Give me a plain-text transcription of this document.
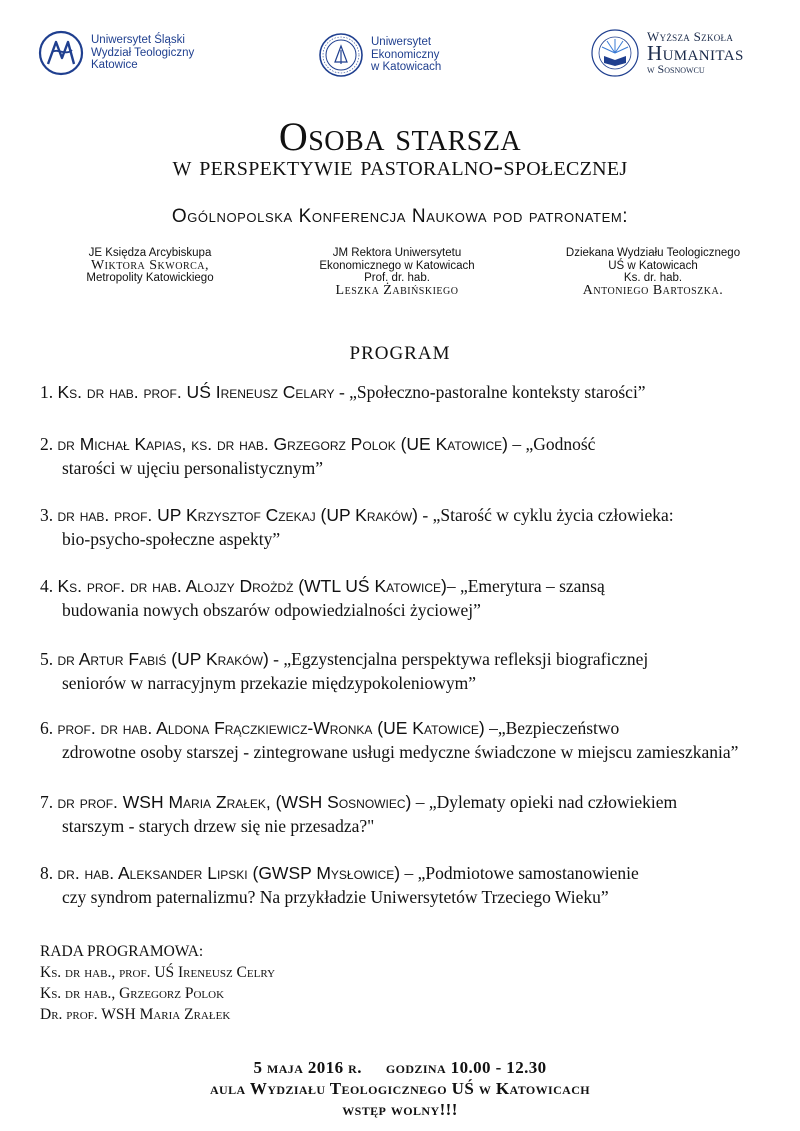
Uniwersytet Śląski
Wydział Teologiczny
Katowice
Uniwersytet
Ekonomiczny
w Katowicach
Wyższa Szkoła
Humanitas
w Sosnowcu
Osoba starsza
w perspektywie pastoralno-społecznej
Ogólnopolska Konferencja Naukowa pod patronatem:
JE Księdza Arcybiskupa
Wiktora Skworca,
Metropolity Katowickiego
JM Rektora Uniwersytetu
Ekonomicznego w Katowicach
Prof. dr. hab.
Leszka Żabińskiego
Dziekana Wydziału Teologicznego
UŚ w Katowicach
Ks. dr. hab.
Antoniego Bartoszka.
program
1. Ks. dr hab. prof. UŚ Ireneusz Celary - „Społeczno-pastoralne konteksty starości”
2. dr Michał Kapias, ks. dr hab. Grzegorz Polok (UE Katowice) – „Godność
starości w ujęciu personalistycznym”
3. dr hab. prof. UP Krzysztof Czekaj (UP Kraków) - „Starość w cyklu życia człowieka:
bio-psycho-społeczne aspekty”
4. Ks. prof. dr hab. Alojzy Drożdż (WTL UŚ Katowice)– „Emerytura – szansą
budowania nowych obszarów odpowiedzialności życiowej”
5. dr Artur Fabiś (UP Kraków) - „Egzystencjalna perspektywa refleksji biograficznej
seniorów w narracyjnym przekazie międzypokoleniowym”
6. prof. dr hab. Aldona Frączkiewicz-Wronka (UE Katowice) –„Bezpieczeństwo
zdrowotne osoby starszej - zintegrowane usługi medyczne świadczone w miejscu zamieszkania”
7. dr prof. WSH Maria Zrałek, (WSH Sosnowiec) – „Dylematy opieki nad człowiekiem
starszym - starych drzew się nie przesadza?"
8. dr. hab. Aleksander Lipski (GWSP Mysłowice) – „Podmiotowe samostanowienie
czy syndrom paternalizmu? Na przykładzie Uniwersytetów Trzeciego Wieku”
RADA PROGRAMOWA:
Ks. dr hab., prof. UŚ Ireneusz Celry
Ks. dr hab., Grzegorz Polok
Dr. prof. WSH Maria Zrałek
5 maja 2016 r. godzina 10.00 - 12.30
aula Wydziału Teologicznego UŚ w Katowicach
wstęp wolny!!!
